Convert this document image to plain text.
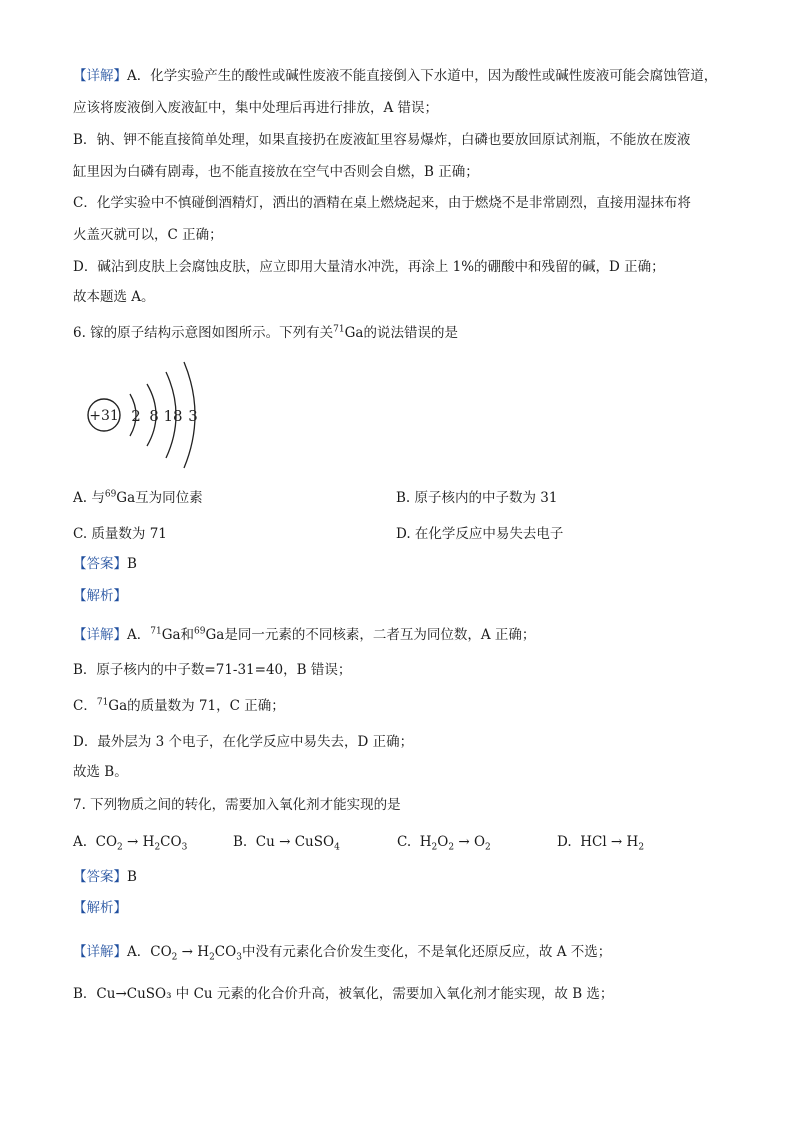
【详解】A．化学实验产生的酸性或碱性废液不能直接倒入下水道中，因为酸性或碱性废液可能会腐蚀管道，
应该将废液倒入废液缸中，集中处理后再进行排放，A 错误；
B．钠、钾不能直接简单处理，如果直接扔在废液缸里容易爆炸，白磷也要放回原试剂瓶，不能放在废液
缸里因为白磷有剧毒，也不能直接放在空气中否则会自燃，B 正确；
C．化学实验中不慎碰倒酒精灯，洒出的酒精在桌上燃烧起来，由于燃烧不是非常剧烈，直接用湿抹布将
火盖灭就可以，C 正确；
D．碱沾到皮肤上会腐蚀皮肤，应立即用大量清水冲洗，再涂上 1%的硼酸中和残留的碱，D 正确；
故本题选 A。
6. 镓的原子结构示意图如图所示。下列有关$^{71}$Ga的说法错误的是
+31 2 8 18 3
A. 与$^{69}$Ga互为同位素	B. 原子核内的中子数为 31
C. 质量数为 71	D. 在化学反应中易失去电子
【答案】B
【解析】
【详解】A．$^{71}$Ga和$^{69}$Ga是同一元素的不同核素，二者互为同位数，A 正确；
B．原子核内的中子数=71-31=40，B 错误；
C．$^{71}$Ga的质量数为 71，C 正确；
D．最外层为 3 个电子，在化学反应中易失去，D 正确；
故选 B。
7. 下列物质之间的转化，需要加入氧化剂才能实现的是
A.  $CO_2 \to H_2CO_3$	B.  Cu → CuSO$_4$	C.  $H_2O_2 \to O_2$	D.  HCl → $H_2$
【答案】B
【解析】
【详解】A．$CO_2 \to H_2CO_3$中没有元素化合价发生变化，不是氧化还原反应，故 A 不选；
B．Cu→CuSO₃ 中 Cu 元素的化合价升高，被氧化，需要加入氧化剂才能实现，故 B 选；
